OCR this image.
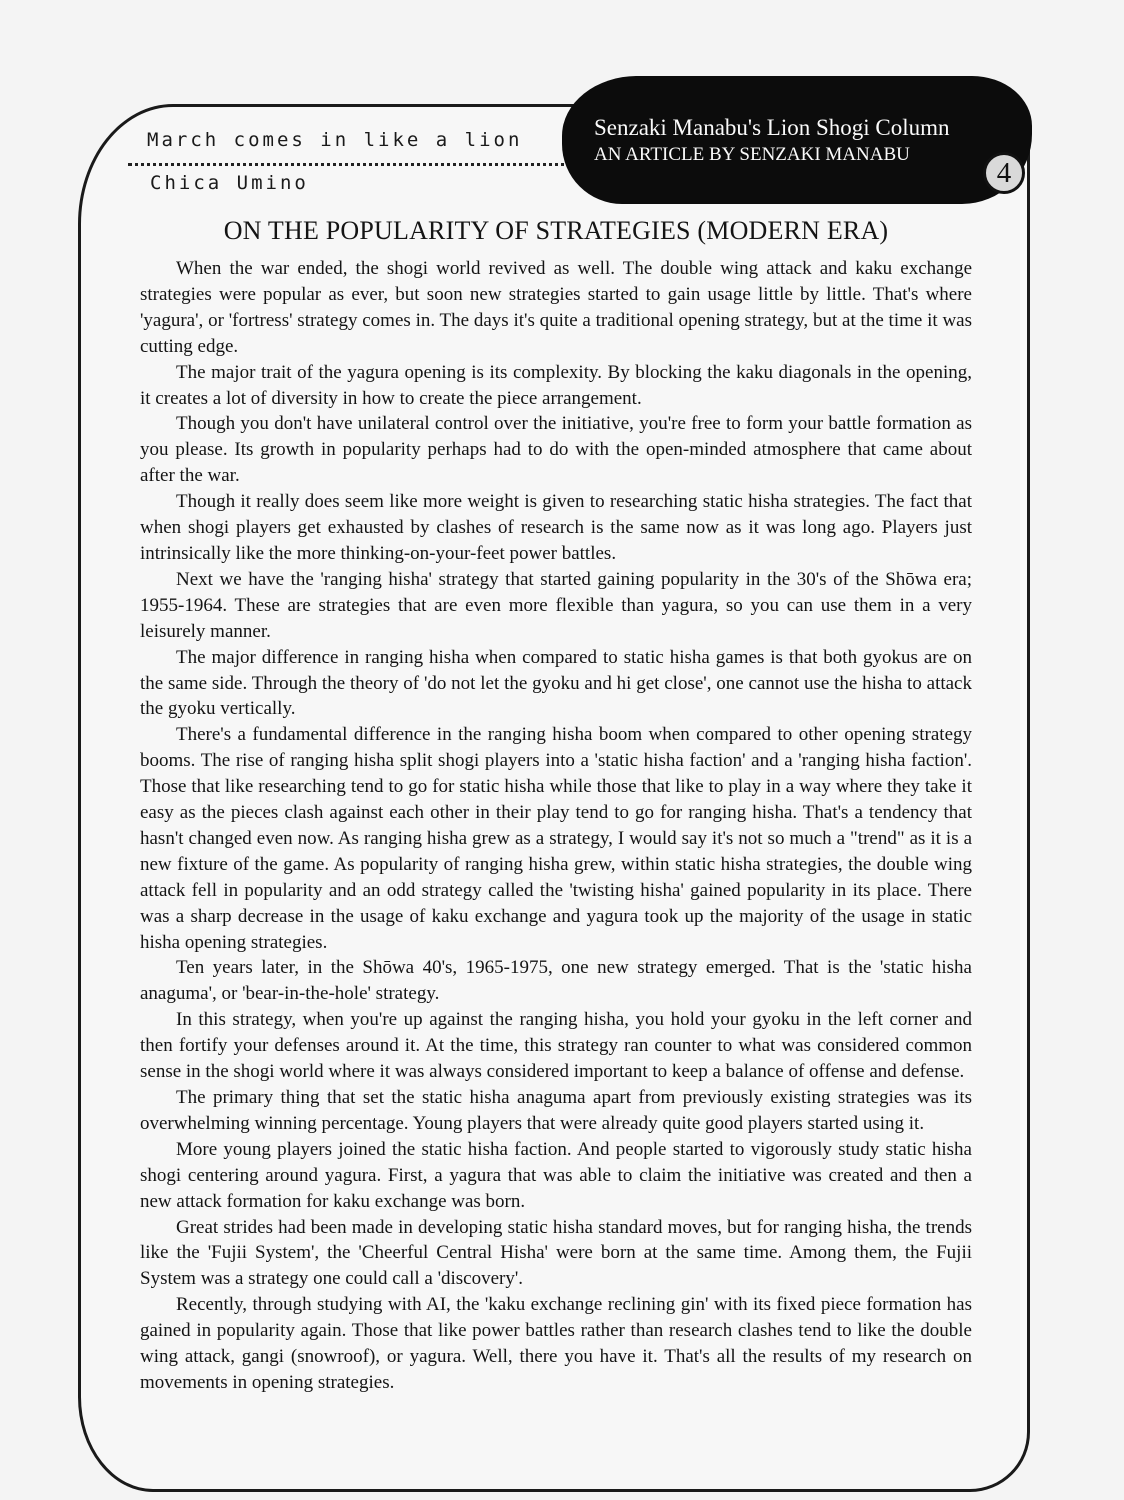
March comes in like a lion

Chica Umino

Senzaki Manabu's Lion Shogi Column
AN ARTICLE BY SENZAKI MANABU
4
ON THE POPULARITY OF STRATEGIES (MODERN ERA)

When the war ended, the shogi world revived as well. The double wing attack and kaku exchange strategies were popular as ever, but soon new strategies started to gain usage little by little. That's where 'yagura', or 'fortress' strategy comes in. The days it's quite a traditional opening strategy, but at the time it was cutting edge.

The major trait of the yagura opening is its complexity. By blocking the kaku diagonals in the opening, it creates a lot of diversity in how to create the piece arrangement.

Though you don't have unilateral control over the initiative, you're free to form your battle formation as you please. Its growth in popularity perhaps had to do with the open-minded atmosphere that came about after the war.

Though it really does seem like more weight is given to researching static hisha strategies. The fact that when shogi players get exhausted by clashes of research is the same now as it was long ago. Players just intrinsically like the more thinking-on-your-feet power battles.

Next we have the 'ranging hisha' strategy that started gaining popularity in the 30's of the Shōwa era; 1955-1964. These are strategies that are even more flexible than yagura, so you can use them in a very leisurely manner.

The major difference in ranging hisha when compared to static hisha games is that both gyokus are on the same side. Through the theory of 'do not let the gyoku and hi get close', one cannot use the hisha to attack the gyoku vertically.

There's a fundamental difference in the ranging hisha boom when compared to other opening strategy booms. The rise of ranging hisha split shogi players into a 'static hisha faction' and a 'ranging hisha faction'. Those that like researching tend to go for static hisha while those that like to play in a way where they take it easy as the pieces clash against each other in their play tend to go for ranging hisha. That's a tendency that hasn't changed even now. As ranging hisha grew as a strategy, I would say it's not so much a "trend" as it is a new fixture of the game. As popularity of ranging hisha grew, within static hisha strategies, the double wing attack fell in popularity and an odd strategy called the 'twisting hisha' gained popularity in its place. There was a sharp decrease in the usage of kaku exchange and yagura took up the majority of the usage in static hisha opening strategies.

Ten years later, in the Shōwa 40's, 1965-1975, one new strategy emerged. That is the 'static hisha anaguma', or 'bear-in-the-hole' strategy.

In this strategy, when you're up against the ranging hisha, you hold your gyoku in the left corner and then fortify your defenses around it. At the time, this strategy ran counter to what was considered common sense in the shogi world where it was always considered important to keep a balance of offense and defense.

The primary thing that set the static hisha anaguma apart from previously existing strategies was its overwhelming winning percentage. Young players that were already quite good players started using it.

More young players joined the static hisha faction. And people started to vigorously study static hisha shogi centering around yagura. First, a yagura that was able to claim the initiative was created and then a new attack formation for kaku exchange was born.

Great strides had been made in developing static hisha standard moves, but for ranging hisha, the trends like the 'Fujii System', the 'Cheerful Central Hisha' were born at the same time. Among them, the Fujii System was a strategy one could call a 'discovery'.

Recently, through studying with AI, the 'kaku exchange reclining gin' with its fixed piece formation has gained in popularity again. Those that like power battles rather than research clashes tend to like the double wing attack, gangi (snowroof), or yagura. Well, there you have it. That's all the results of my research on movements in opening strategies.
